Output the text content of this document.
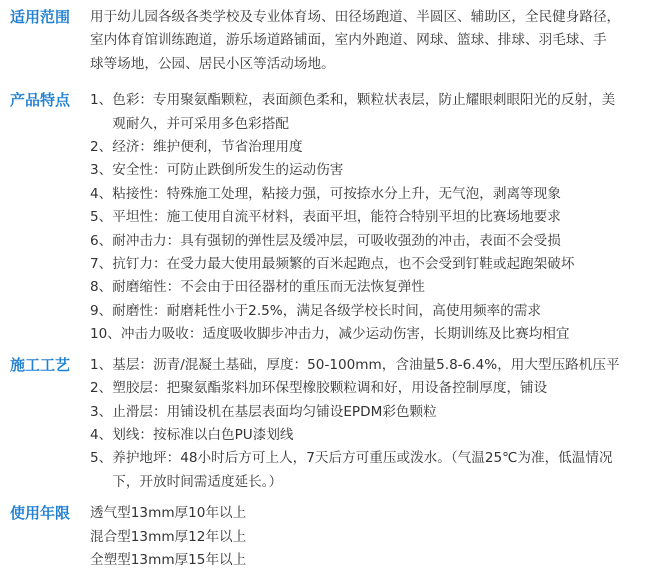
适用范围	用于幼儿园各级各类学校及专业体育场、田径场跑道、半圆区、辅助区，全民健身路径，
室内体育馆训练跑道，游乐场道路铺面，室内外跑道、网球、篮球、排球、羽毛球、手
球等场地，公园、居民小区等活动场地。
产品特点	1、 色彩：专用聚氨酯颗粒，表面颜色柔和，颗粒状表层，防止耀眼刺眼阳光的反射，美
观耐久，并可采用多色彩搭配
2、 经济：维护便利，节省治理用度
3、 安全性：可防止跌倒所发生的运动伤害
4、 粘接性：特殊施工处理，粘接力强，可按捺水分上升，无气泡，剥离等现象
5、 平坦性：施工使用自流平材料，表面平坦，能符合特别平坦的比赛场地要求
6、 耐冲击力：具有强韧的弹性层及缓冲层，可吸收强劲的冲击，表面不会受损
7、 抗钉力：在受力最大使用最频繁的百米起跑点，也不会受到钉鞋或起跑架破坏
8、 耐磨缩性：不会由于田径器材的重压而无法恢复弹性
9、 耐磨性：耐磨耗性小于2.5%，满足各级学校长时间，高使用频率的需求
10、 冲击力吸收：适度吸收脚步冲击力，减少运动伤害，长期训练及比赛均相宜
施工工艺	1、 基层：沥青/混凝土基础，厚度：50-100mm，含油量5.8-6.4%，用大型压路机压平
2、 塑胶层：把聚氨酯浆料加环保型橡胶颗粒调和好，用设备控制厚度，铺设
3、 止滑层：用铺设机在基层表面均匀铺设EPDM彩色颗粒
4、 划线：按标准以白色PU漆划线
5、 养护地坪：48小时后方可上人，7天后方可重压或泼水。（气温25℃为准，低温情况
下，开放时间需适度延长。）
使用年限	透气型13mm厚10年以上
混合型13mm厚12年以上
全塑型13mm厚15年以上
